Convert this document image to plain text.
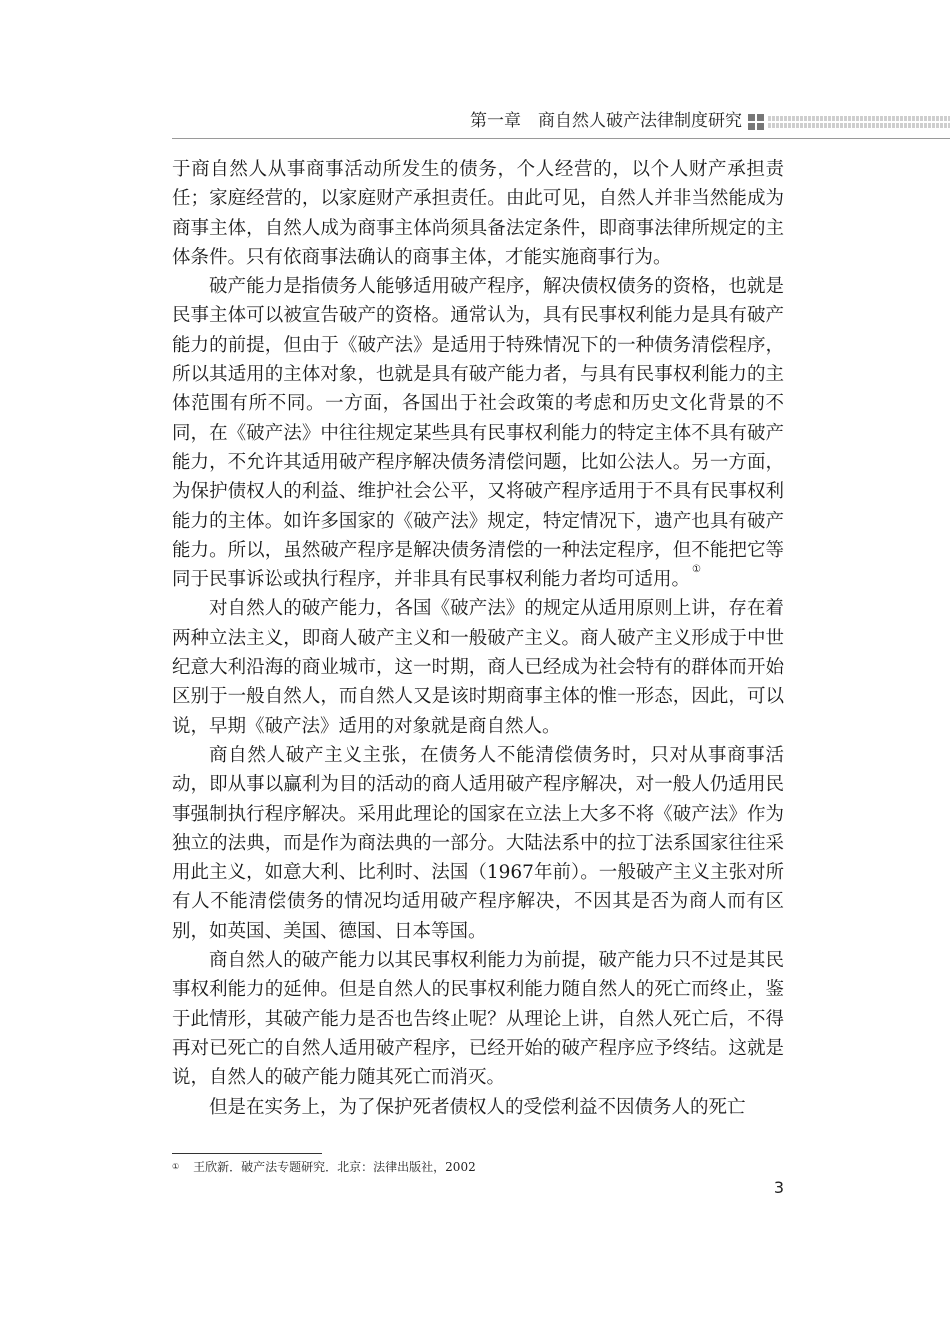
第一章　商自然人破产法律制度研究

于商自然人从事商事活动所发生的债务，个人经营的，以个人财产承担责任；家庭经营的，以家庭财产承担责任。由此可见，自然人并非当然能成为商事主体，自然人成为商事主体尚须具备法定条件，即商事法律所规定的主体条件。只有依商事法确认的商事主体，才能实施商事行为。

破产能力是指债务人能够适用破产程序，解决债权债务的资格，也就是民事主体可以被宣告破产的资格。通常认为，具有民事权利能力是具有破产能力的前提，但由于《破产法》是适用于特殊情况下的一种债务清偿程序，所以其适用的主体对象，也就是具有破产能力者，与具有民事权利能力的主体范围有所不同。一方面，各国出于社会政策的考虑和历史文化背景的不同，在《破产法》中往往规定某些具有民事权利能力的特定主体不具有破产能力，不允许其适用破产程序解决债务清偿问题，比如公法人。另一方面，为保护债权人的利益、维护社会公平，又将破产程序适用于不具有民事权利能力的主体。如许多国家的《破产法》规定，特定情况下，遗产也具有破产能力。所以，虽然破产程序是解决债务清偿的一种法定程序，但不能把它等同于民事诉讼或执行程序，并非具有民事权利能力者均可适用。 ①

对自然人的破产能力，各国《破产法》的规定从适用原则上讲，存在着两种立法主义，即商人破产主义和一般破产主义。商人破产主义形成于中世纪意大利沿海的商业城市，这一时期，商人已经成为社会特有的群体而开始区别于一般自然人，而自然人又是该时期商事主体的惟一形态，因此，可以说，早期《破产法》适用的对象就是商自然人。

商自然人破产主义主张，在债务人不能清偿债务时，只对从事商事活动，即从事以赢利为目的活动的商人适用破产程序解决，对一般人仍适用民事强制执行程序解决。采用此理论的国家在立法上大多不将《破产法》作为独立的法典，而是作为商法典的一部分。大陆法系中的拉丁法系国家往往采用此主义，如意大利、比利时、法国（1967年前）。一般破产主义主张对所有人不能清偿债务的情况均适用破产程序解决，不因其是否为商人而有区别，如英国、美国、德国、日本等国。

商自然人的破产能力以其民事权利能力为前提，破产能力只不过是其民事权利能力的延伸。但是自然人的民事权利能力随自然人的死亡而终止，鉴于此情形，其破产能力是否也告终止呢？从理论上讲，自然人死亡后，不得再对已死亡的自然人适用破产程序，已经开始的破产程序应予终结。这就是说，自然人的破产能力随其死亡而消灭。

但是在实务上，为了保护死者债权人的受偿利益不因债务人的死亡

① 王欣新．破产法专题研究．北京：法律出版社，2002
3
